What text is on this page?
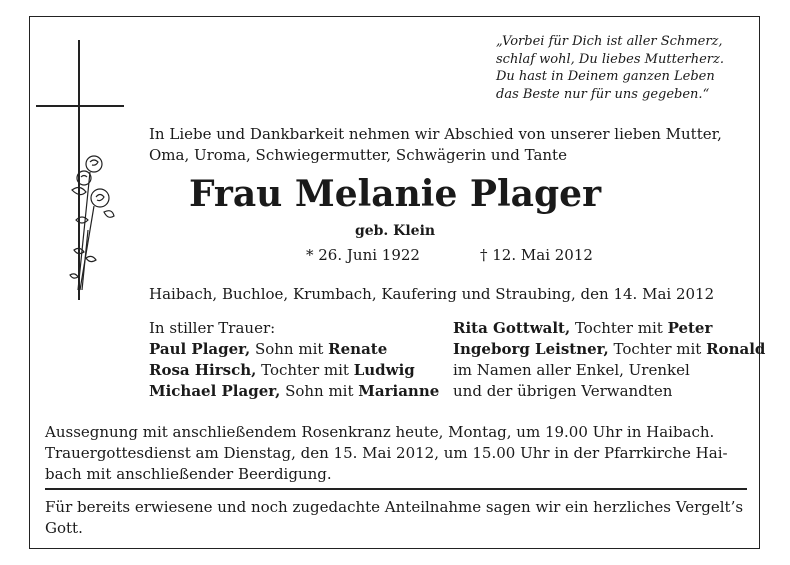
„Vorbei für Dich ist aller Schmerz,
schlaf wohl, Du liebes Mutterherz.
Du hast in Deinem ganzen Leben
das Beste nur für uns gegeben.“
In Liebe und Dankbarkeit nehmen wir Abschied von unserer lieben Mutter,
Oma, Uroma, Schwiegermutter, Schwägerin und Tante
Frau Melanie Plager
geb. Klein
* 26. Juni 1922	† 12. Mai 2012
Haibach, Buchloe, Krumbach, Kaufering und Straubing, den 14. Mai 2012
In stiller Trauer:
Paul Plager, Sohn mit Renate
Rosa Hirsch, Tochter mit Ludwig
Michael Plager, Sohn mit Marianne
Rita Gottwalt, Tochter mit Peter
Ingeborg Leistner, Tochter mit Ronald
im Namen aller Enkel, Urenkel
und der übrigen Verwandten
Aussegnung mit anschließendem Rosenkranz heute, Montag, um 19.00 Uhr in Haibach.
Trauergottesdienst am Dienstag, den 15. Mai 2012, um 15.00 Uhr in der Pfarrkirche Hai-
bach mit anschließender Beerdigung.
Für bereits erwiesene und noch zugedachte Anteilnahme sagen wir ein herzliches Vergelt’s
Gott.
